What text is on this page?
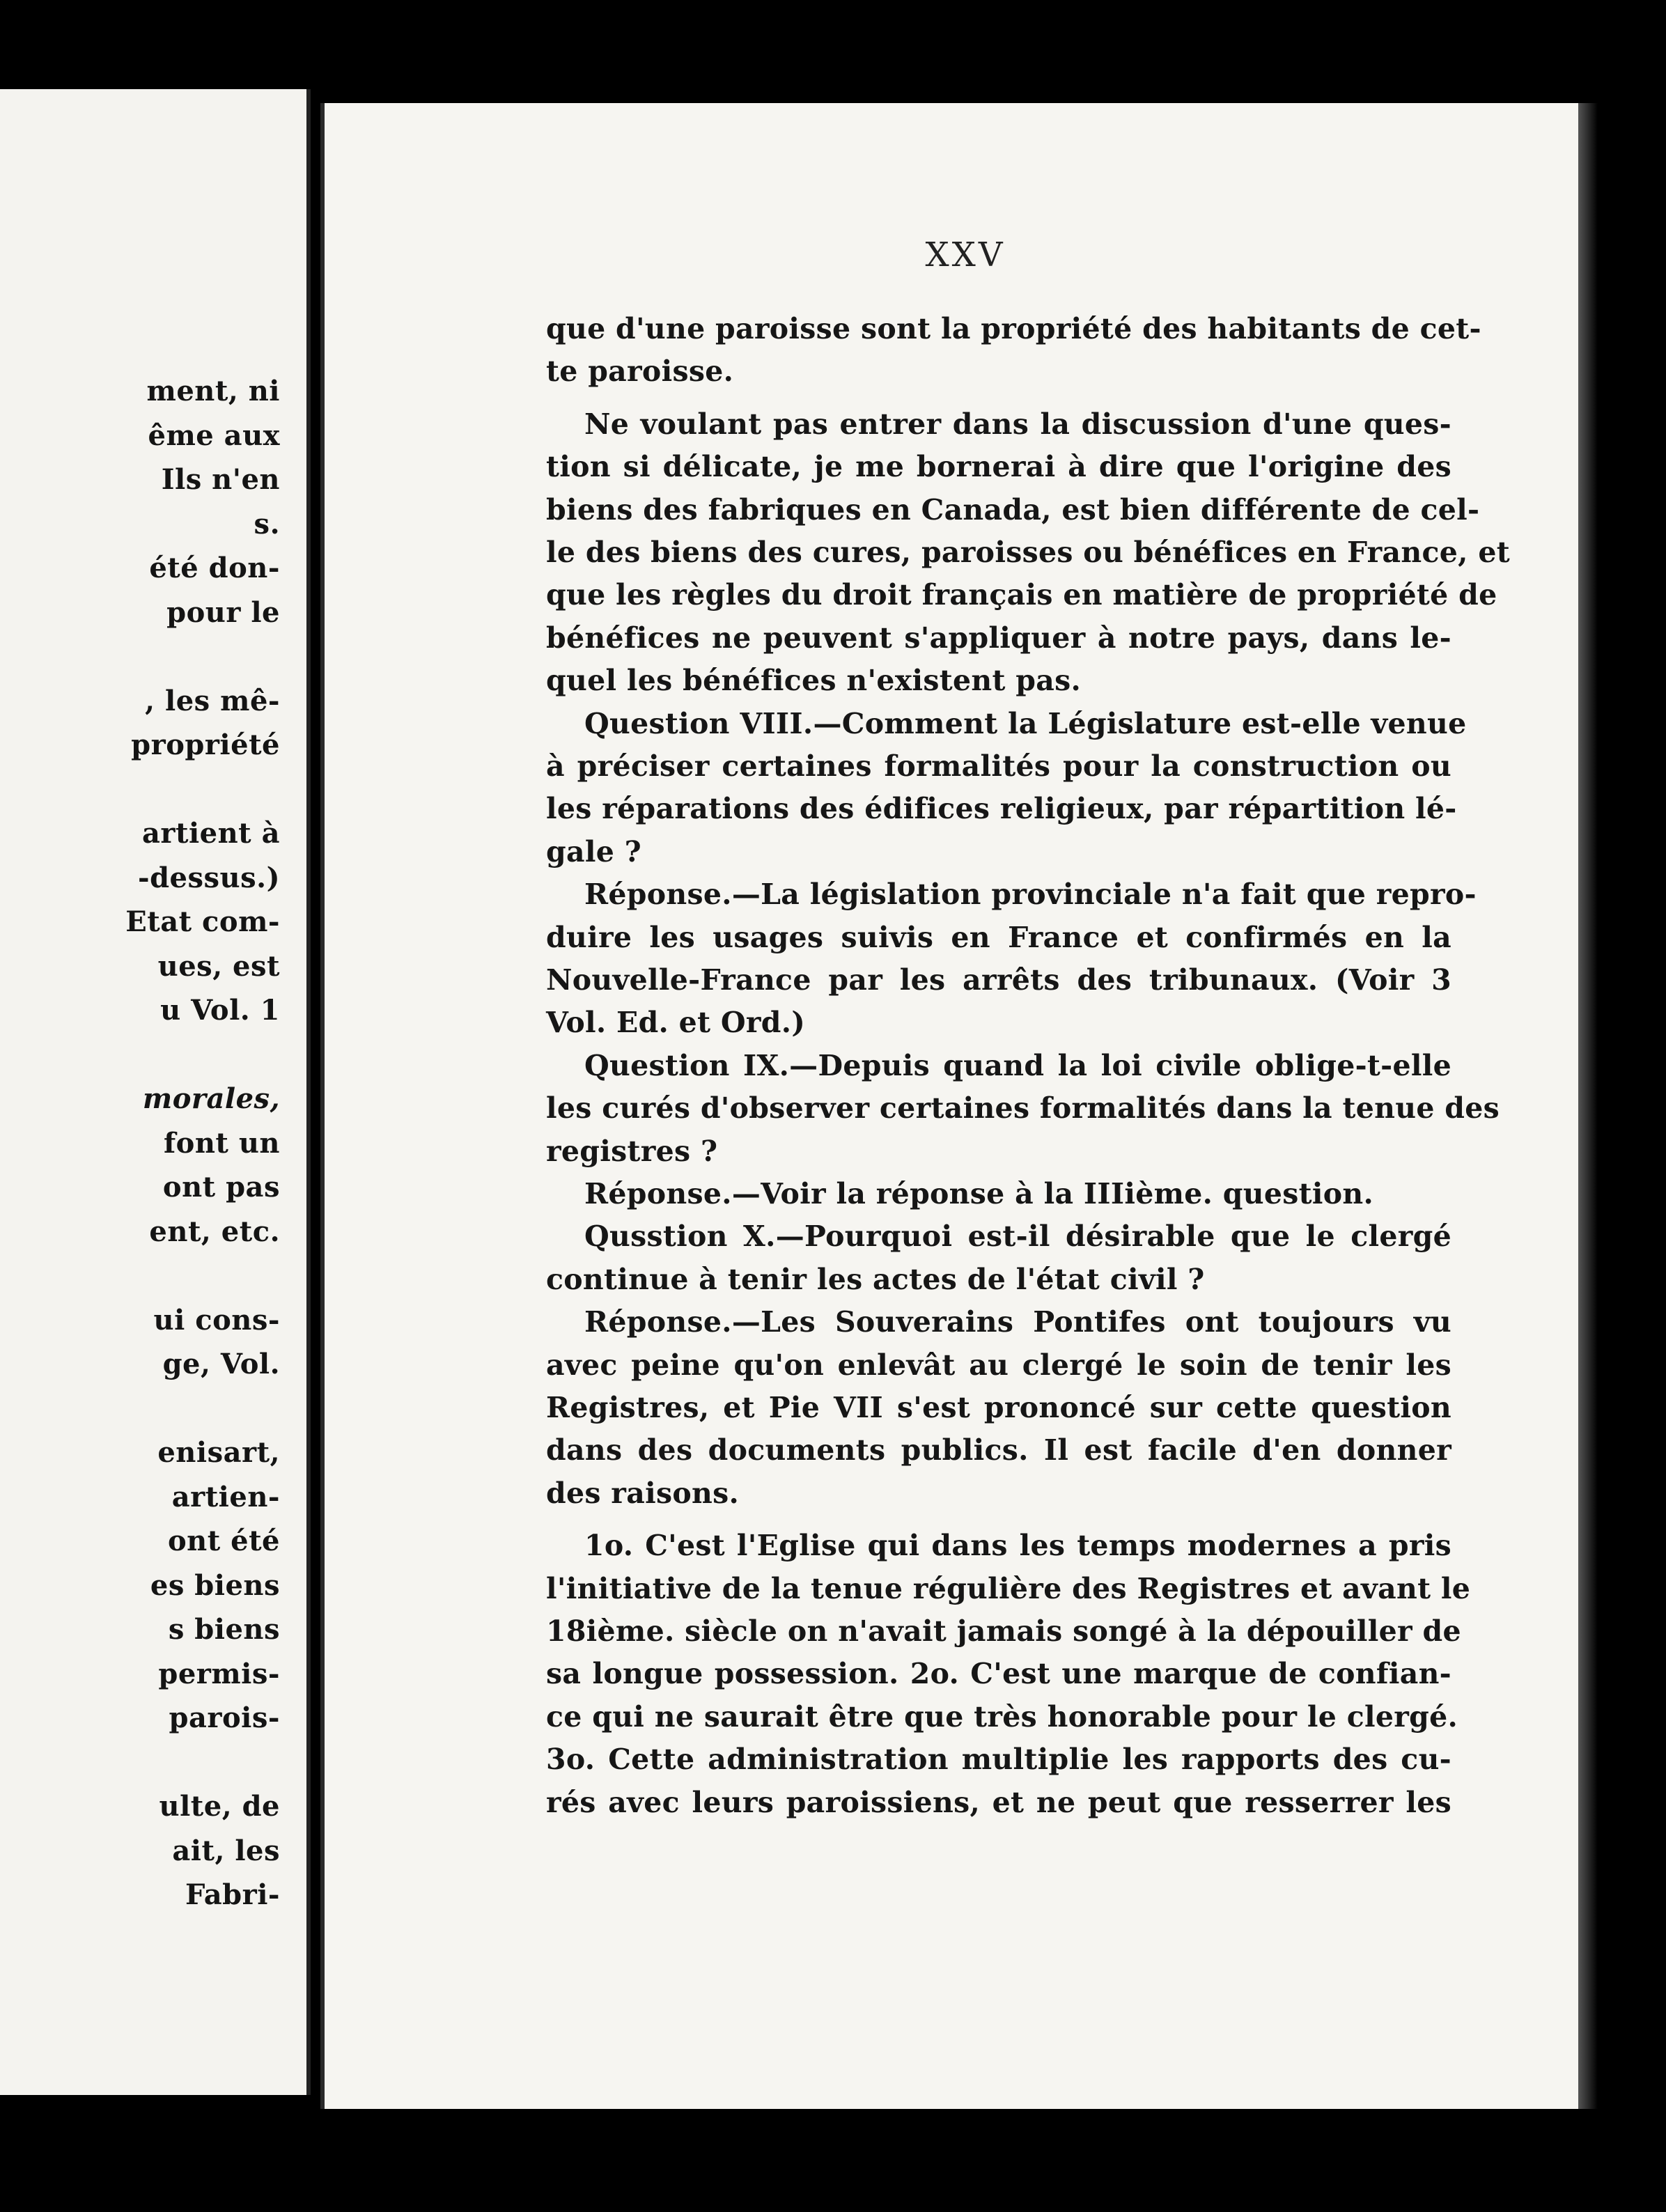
ment, ni
ême aux
Ils n'en
s.
été don-
pour le
, les mê-
propriété
artient à
-dessus.)
Etat com-
ues, est
u Vol. 1
morales,
font un
ont pas
ent, etc.
ui cons-
ge, Vol.
enisart,
artien-
ont été
es biens
s biens
permis-
parois-
ulte, de
ait, les
Fabri-
XXV
que d'une paroisse sont la propriété des habitants de cet-
te paroisse.
Ne voulant pas entrer dans la discussion d'une ques-
tion si délicate, je me bornerai à dire que l'origine des
biens des fabriques en Canada, est bien différente de cel-
le des biens des cures, paroisses ou bénéfices en France, et
que les règles du droit français en matière de propriété de
bénéfices ne peuvent s'appliquer à notre pays, dans le-
quel les bénéfices n'existent pas.
Question VIII.—Comment la Législature est-elle venue
à préciser certaines formalités pour la construction ou
les réparations des édifices religieux, par répartition lé-
gale ?
Réponse.—La législation provinciale n'a fait que repro-
duire les usages suivis en France et confirmés en la
Nouvelle-France par les arrêts des tribunaux. (Voir 3
Vol. Ed. et Ord.)
Question IX.—Depuis quand la loi civile oblige-t-elle
les curés d'observer certaines formalités dans la tenue des
registres ?
Réponse.—Voir la réponse à la IIIième. question.
Qusstion X.—Pourquoi est-il désirable que le clergé
continue à tenir les actes de l'état civil ?
Réponse.—Les Souverains Pontifes ont toujours vu
avec peine qu'on enlevât au clergé le soin de tenir les
Registres, et Pie VII s'est prononcé sur cette question
dans des documents publics. Il est facile d'en donner
des raisons.
1o. C'est l'Eglise qui dans les temps modernes a pris
l'initiative de la tenue régulière des Registres et avant le
18ième. siècle on n'avait jamais songé à la dépouiller de
sa longue possession. 2o. C'est une marque de confian-
ce qui ne saurait être que très honorable pour le clergé.
3o. Cette administration multiplie les rapports des cu-
rés avec leurs paroissiens, et ne peut que resserrer les
